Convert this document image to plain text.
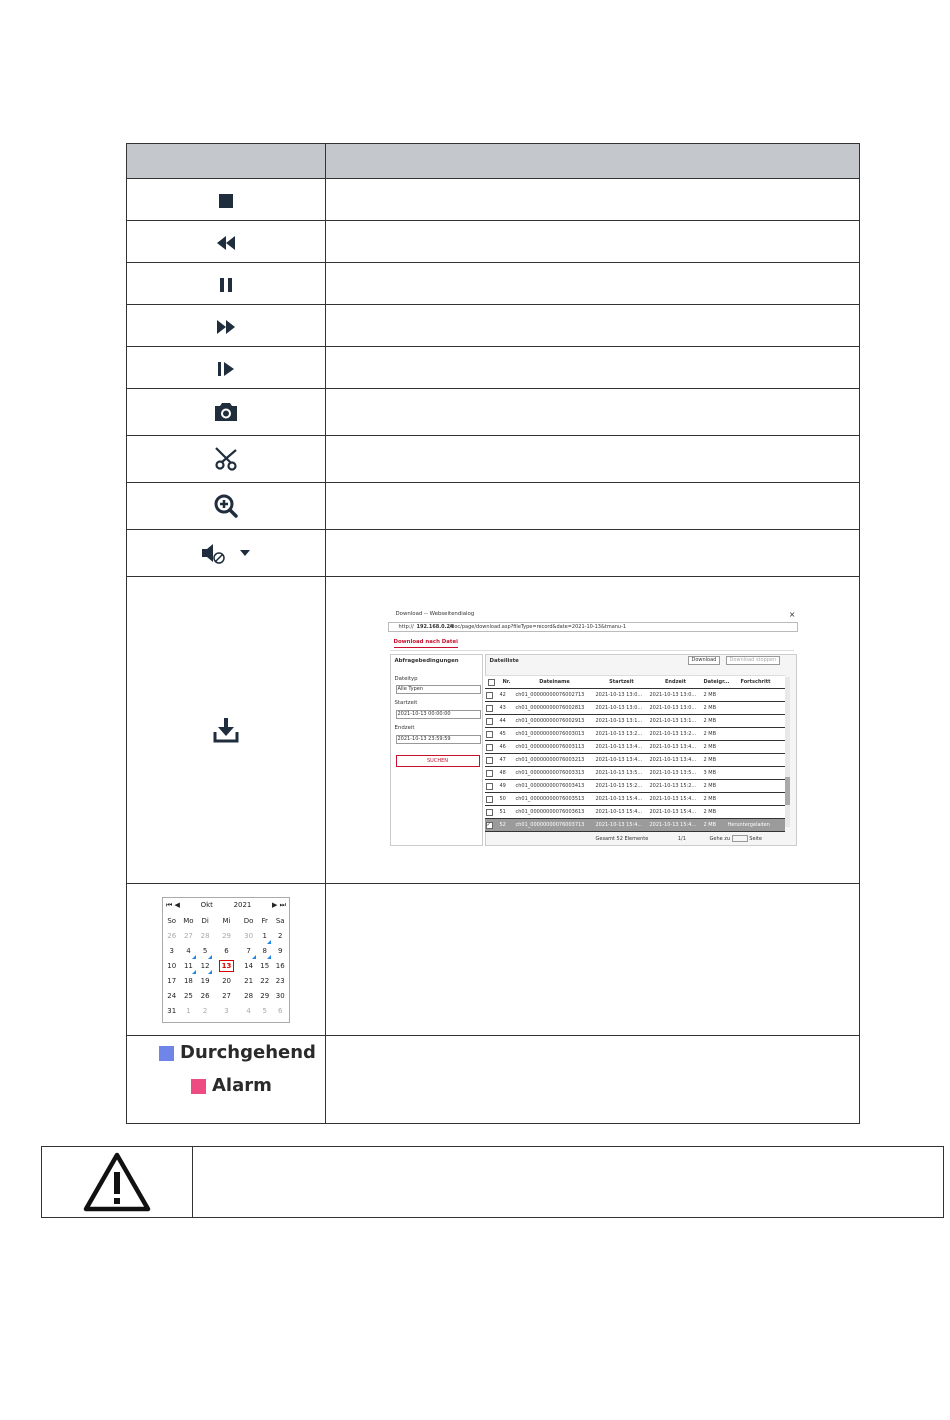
Download -- Webseitendialog	×
http:// 192.168.0.24
/doc/page/download.asp?fileType=record&date=2021-10-13&tmanu-1
Download nach Datei
Abfragebedingungen
Dateityp
Alle Typen
Startzeit
2021-10-13 00:00:00
Endzeit
2021-10-13 23:59:59
SUCHEN
Dateiliste	Download	Download stoppen
Gesamt 52 Elemente	1/1	Gehe zu	Seite
	Nr.	Dateiname	Startzeit	Endzeit	Dateigr...	Fortschritt
	42	ch01_00000000076002713	2021-10-13 13:0...	2021-10-13 13:0...	2 MB	
	43	ch01_00000000076002813	2021-10-13 13:0...	2021-10-13 13:0...	2 MB	
	44	ch01_00000000076002913	2021-10-13 13:1...	2021-10-13 13:1...	2 MB	
	45	ch01_00000000076003013	2021-10-13 13:2...	2021-10-13 13:2...	2 MB	
	46	ch01_00000000076003113	2021-10-13 13:4...	2021-10-13 13:4...	2 MB	
	47	ch01_00000000076003213	2021-10-13 13:4...	2021-10-13 13:4...	2 MB	
	48	ch01_00000000076003313	2021-10-13 13:5...	2021-10-13 13:5...	3 MB	
	49	ch01_00000000076003413	2021-10-13 15:2...	2021-10-13 15:2...	2 MB	
	50	ch01_00000000076003513	2021-10-13 15:4...	2021-10-13 15:4...	2 MB	
	51	ch01_00000000076003613	2021-10-13 15:4...	2021-10-13 15:4...	2 MB	
✓	52	ch01_00000000076003713	2021-10-13 15:4...	2021-10-13 15:4...	2 MB	Heruntergeladen

⏮ ◀	Okt	2021	▶ ⏭
So	Mo	Di	Mi	Do	Fr	Sa
26	27	28	29	30	1	2
3	4	5	6	7	8	9
10	11	12	13	14	15	16
17	18	19	20	21	22	23
24	25	26	27	28	29	30
31	1	2	3	4	5	6

Durchgehend
Alarm
